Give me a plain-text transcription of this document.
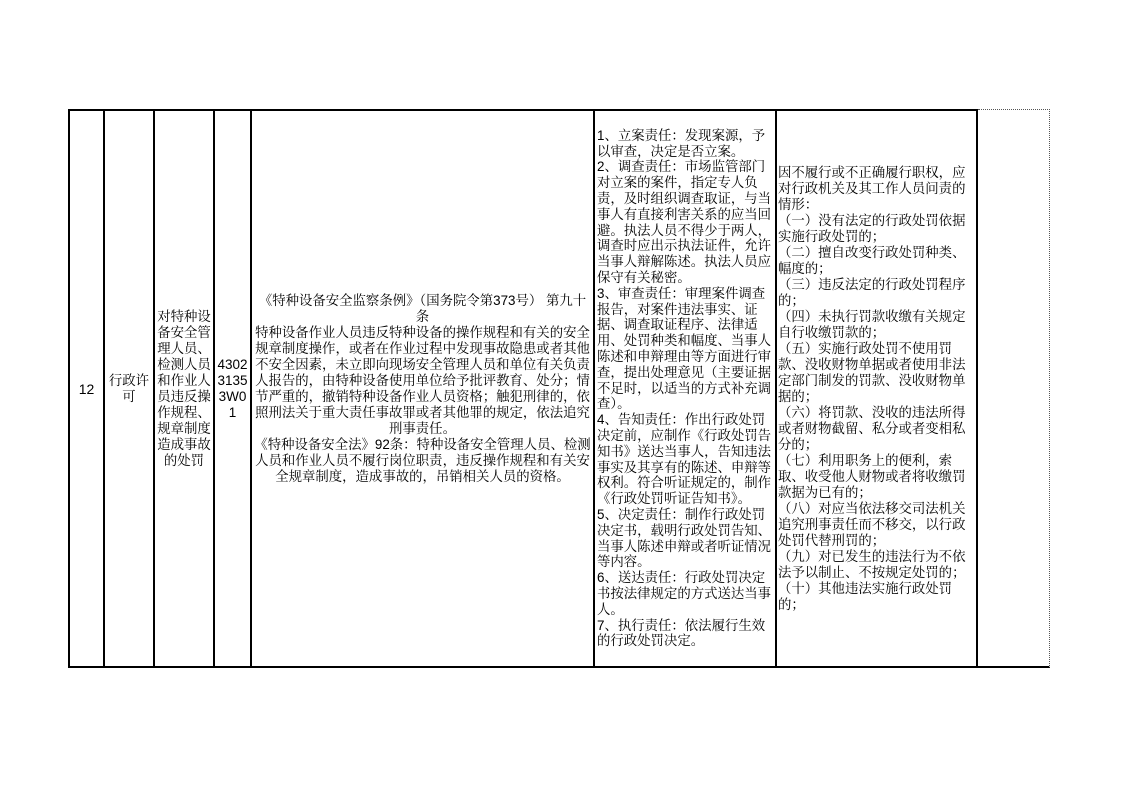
12
行政许可
对特种设备安全管理人员、检测人员和作业人员违反操作规程、规章制度造成事故的处罚
430231353W01
《特种设备安全监察条例》（国务院令第373号） 第九十条
特种设备作业人员违反特种设备的操作规程和有关的安全规章制度操作，或者在作业过程中发现事故隐患或者其他不安全因素，未立即向现场安全管理人员和单位有关负责人报告的，由特种设备使用单位给予批评教育、处分；情节严重的，撤销特种设备作业人员资格；触犯刑律的，依照刑法关于重大责任事故罪或者其他罪的规定，依法追究刑事责任。
《特种设备安全法》92条：特种设备安全管理人员、检测人员和作业人员不履行岗位职责，违反操作规程和有关安全规章制度，造成事故的，吊销相关人员的资格。
1、立案责任：发现案源，予以审查，决定是否立案。
2、调查责任：市场监管部门对立案的案件，指定专人负责，及时组织调查取证，与当事人有直接利害关系的应当回避。执法人员不得少于两人，调查时应出示执法证件，允许当事人辩解陈述。执法人员应保守有关秘密。
3、审查责任：审理案件调查报告，对案件违法事实、证据、调查取证程序、法律适用、处罚种类和幅度、当事人陈述和申辩理由等方面进行审查，提出处理意见（主要证据不足时，以适当的方式补充调查）。
4、告知责任：作出行政处罚决定前，应制作《行政处罚告知书》送达当事人，告知违法事实及其享有的陈述、申辩等权利。符合听证规定的，制作《行政处罚听证告知书》。
5、决定责任：制作行政处罚决定书，载明行政处罚告知、当事人陈述申辩或者听证情况等内容。
6、送达责任：行政处罚决定书按法律规定的方式送达当事人。
7、执行责任：依法履行生效的行政处罚决定。
因不履行或不正确履行职权，应对行政机关及其工作人员问责的情形：
（一）没有法定的行政处罚依据实施行政处罚的；
（二）擅自改变行政处罚种类、幅度的；
（三）违反法定的行政处罚程序的；
（四）未执行罚款收缴有关规定自行收缴罚款的；
（五）实施行政处罚不使用罚款、没收财物单据或者使用非法定部门制发的罚款、没收财物单据的；
（六）将罚款、没收的违法所得或者财物截留、私分或者变相私分的；
（七）利用职务上的便利，索取、收受他人财物或者将收缴罚款据为已有的；
（八）对应当依法移交司法机关追究刑事责任而不移交，以行政处罚代替刑罚的；
（九）对已发生的违法行为不依法予以制止、不按规定处罚的；
（十）其他违法实施行政处罚的；
